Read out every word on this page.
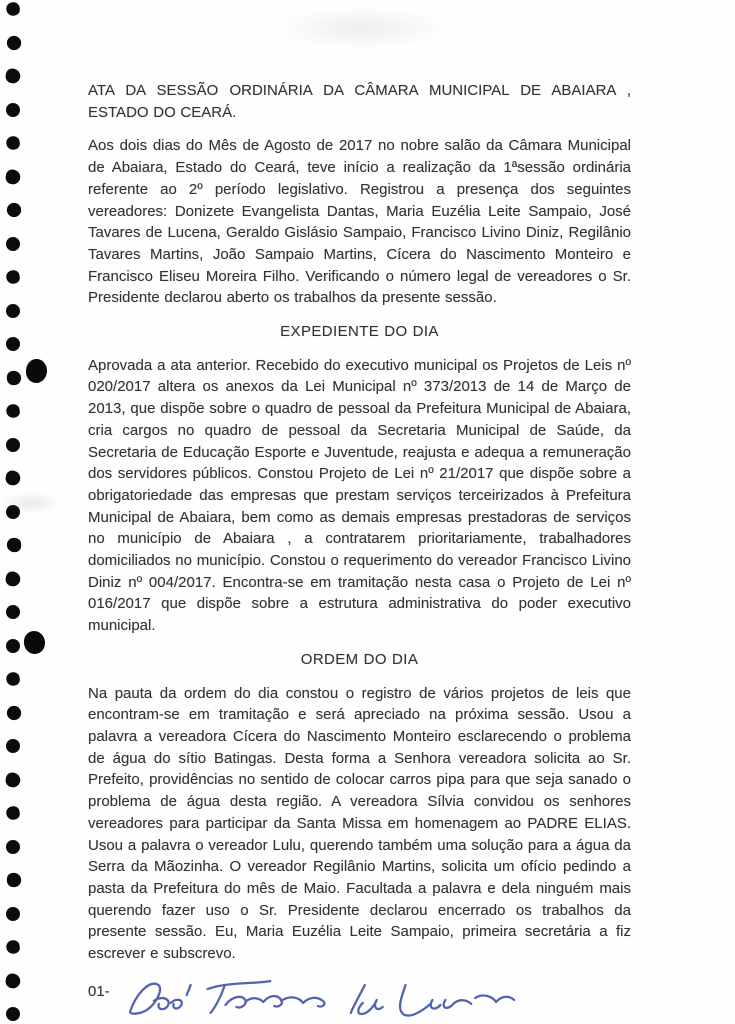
ATA DA SESSÃO ORDINÁRIA DA CÂMARA MUNICIPAL DE ABAIARA ,
ESTADO DO CEARÁ.

Aos dois dias do Mês de Agosto de 2017 no nobre salão da Câmara Municipal de Abaiara, Estado do Ceará, teve início a realização da 1ªsessão ordinária referente ao 2º período legislativo. Registrou a presença dos seguintes vereadores: Donizete Evangelista Dantas, Maria Euzélia Leite Sampaio, José Tavares de Lucena, Geraldo Gislásio Sampaio, Francisco Livino Diniz, Regilânio Tavares Martins, João Sampaio Martins, Cícera do Nascimento Monteiro e Francisco Eliseu Moreira Filho. Verificando o número legal de vereadores o Sr. Presidente declarou aberto os trabalhos da presente sessão.

EXPEDIENTE DO DIA

Aprovada a ata anterior. Recebido do executivo municipal os Projetos de Leis nº 020/2017 altera os anexos da Lei Municipal nº 373/2013 de 14 de Março de 2013, que dispõe sobre o quadro de pessoal da Prefeitura Municipal de Abaiara, cria cargos no quadro de pessoal da Secretaria Municipal de Saúde, da Secretaria de Educação Esporte e Juventude, reajusta e adequa a remuneração dos servidores públicos. Constou Projeto de Lei nº 21/2017 que dispõe sobre a obrigatoriedade das empresas que prestam serviços terceirizados à Prefeitura Municipal de Abaiara, bem como as demais empresas prestadoras de serviços no município de Abaiara , a contratarem prioritariamente, trabalhadores domiciliados no município. Constou o requerimento do vereador Francisco Livino Diniz nº 004/2017. Encontra-se em tramitação nesta casa o Projeto de Lei nº 016/2017 que dispõe sobre a estrutura administrativa do poder executivo municipal.

ORDEM DO DIA

Na pauta da ordem do dia constou o registro de vários projetos de leis que encontram-se em tramitação e será apreciado na próxima sessão. Usou a palavra a vereadora Cícera do Nascimento Monteiro esclarecendo o problema de água do sítio Batingas. Desta forma a Senhora vereadora solicita ao Sr. Prefeito, providências no sentido de colocar carros pipa para que seja sanado o problema de água desta região. A vereadora Sílvia convidou os senhores vereadores para participar da Santa Missa em homenagem ao PADRE ELIAS. Usou a palavra o vereador Lulu, querendo também uma solução para a água da Serra da Mãozinha. O vereador Regilânio Martins, solicita um ofício pedindo a pasta da Prefeitura do mês de Maio. Facultada a palavra e dela ninguém mais querendo fazer uso o Sr. Presidente declarou encerrado os trabalhos da presente sessão. Eu, Maria Euzélia Leite Sampaio, primeira secretária a fiz escrever e subscrevo.

01-
